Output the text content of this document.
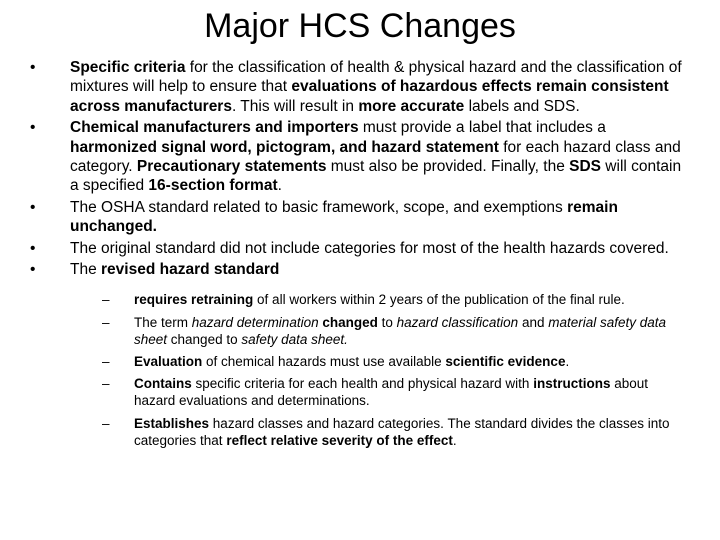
Major HCS Changes
•	Specific criteria for the classification of health & physical hazard and the classification of mixtures will help to ensure that evaluations of hazardous effects remain consistent across manufacturers. This will result in more accurate labels and SDS.
•	Chemical manufacturers and importers must provide a label that includes a harmonized signal word, pictogram, and hazard statement for each hazard class and category. Precautionary statements must also be provided. Finally, the SDS will contain a specified 16-section format.
•	The OSHA standard related to basic framework, scope, and exemptions remain unchanged.
•	The original standard did not include categories for most of the health hazards covered.
•	The revised hazard standard
–	requires retraining of all workers within 2 years of the publication of the final rule.
–	The term hazard determination changed to hazard classification and material safety data sheet changed to safety data sheet.
–	Evaluation of chemical hazards must use available scientific evidence.
–	Contains specific criteria for each health and physical hazard with instructions about hazard evaluations and determinations.
–	Establishes hazard classes and hazard categories. The standard divides the classes into categories that reflect relative severity of the effect.
